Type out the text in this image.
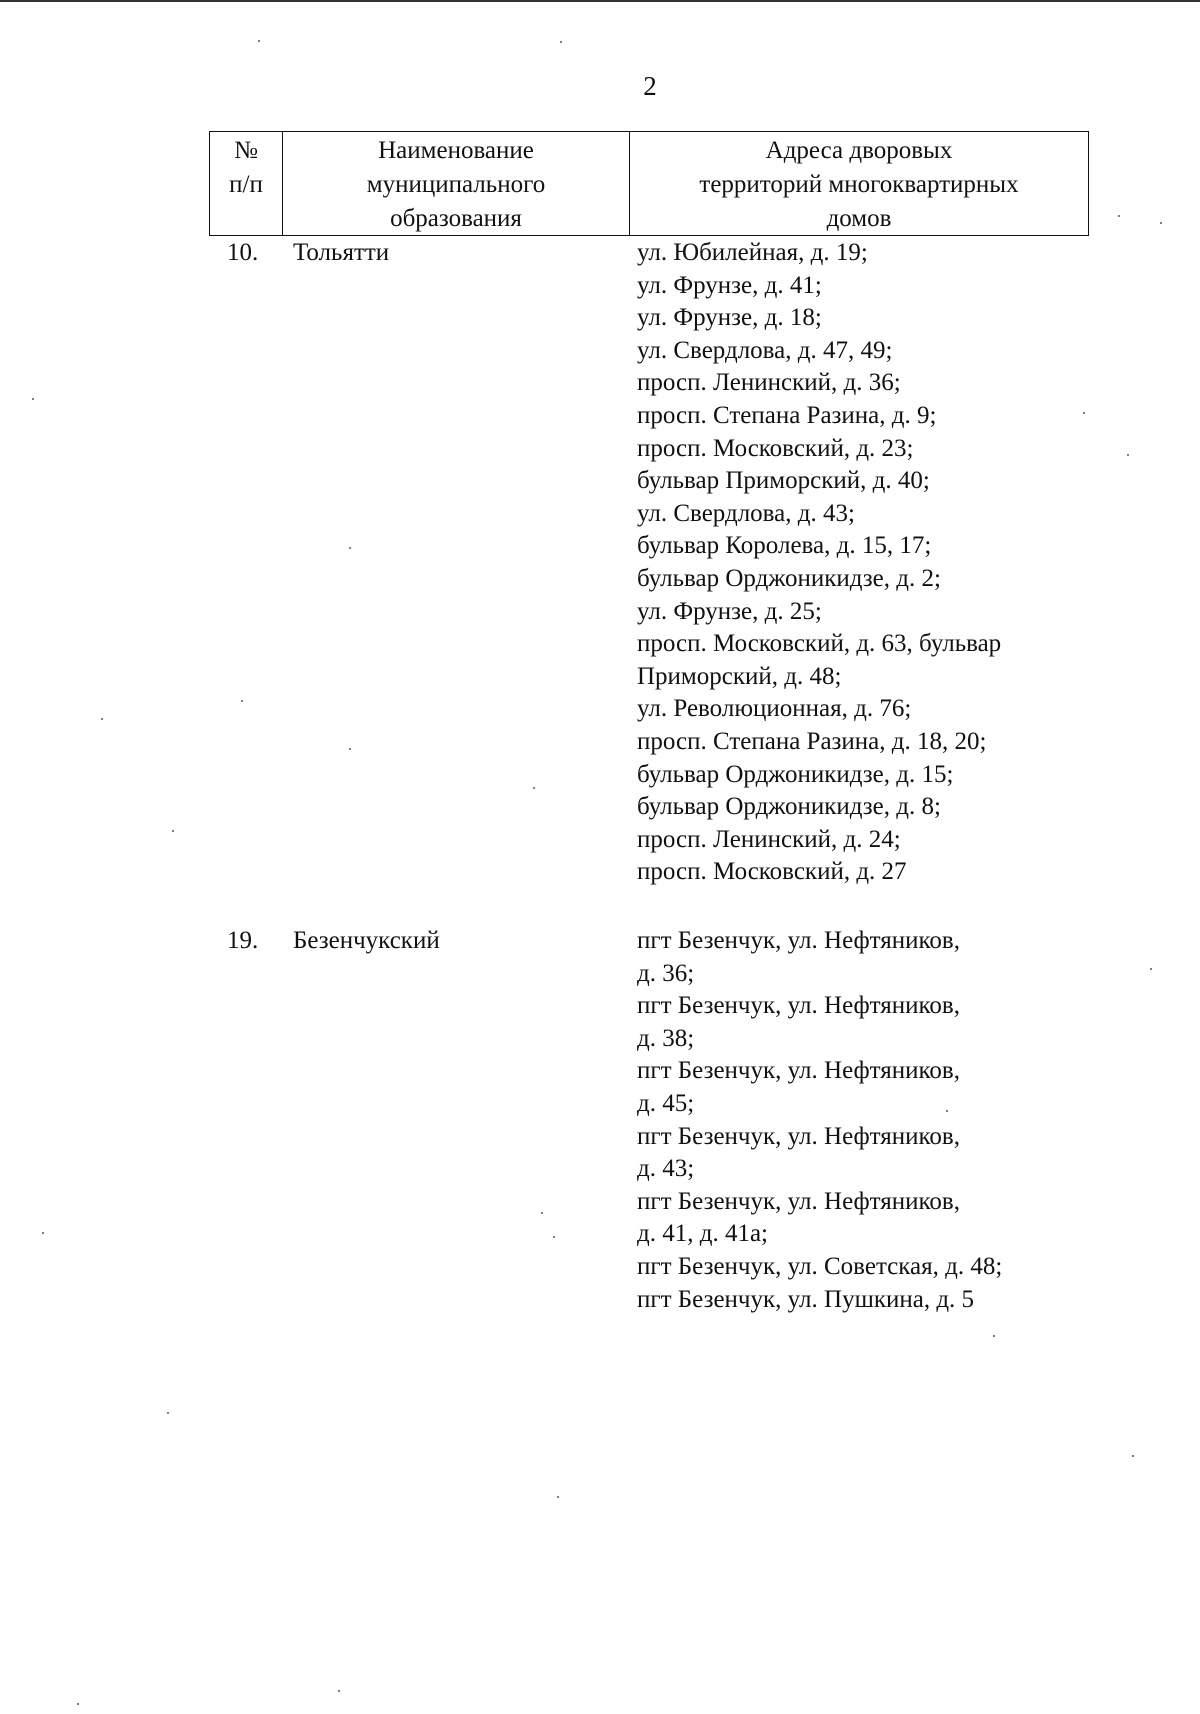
2
№
п/п
Наименование
муниципального
образования
Адреса дворовых
территорий многоквартирных
домов
10. Тольятти	ул. Юбилейная, д. 19;
ул. Фрунзе, д. 41;
ул. Фрунзе, д. 18;
ул. Свердлова, д. 47, 49;
просп. Ленинский, д. 36;
просп. Степана Разина, д. 9;
просп. Московский, д. 23;
бульвар Приморский, д. 40;
ул. Свердлова, д. 43;
бульвар Королева, д. 15, 17;
бульвар Орджоникидзе, д. 2;
ул. Фрунзе, д. 25;
просп. Московский, д. 63, бульвар
Приморский, д. 48;
ул. Революционная, д. 76;
просп. Степана Разина, д. 18, 20;
бульвар Орджоникидзе, д. 15;
бульвар Орджоникидзе, д. 8;
просп. Ленинский, д. 24;
просп. Московский, д. 27
19. Безенчукский	пгт Безенчук, ул. Нефтяников,
д. 36;
пгт Безенчук, ул. Нефтяников,
д. 38;
пгт Безенчук, ул. Нефтяников,
д. 45;
пгт Безенчук, ул. Нефтяников,
д. 43;
пгт Безенчук, ул. Нефтяников,
д. 41, д. 41а;
пгт Безенчук, ул. Советская, д. 48;
пгт Безенчук, ул. Пушкина, д. 5
